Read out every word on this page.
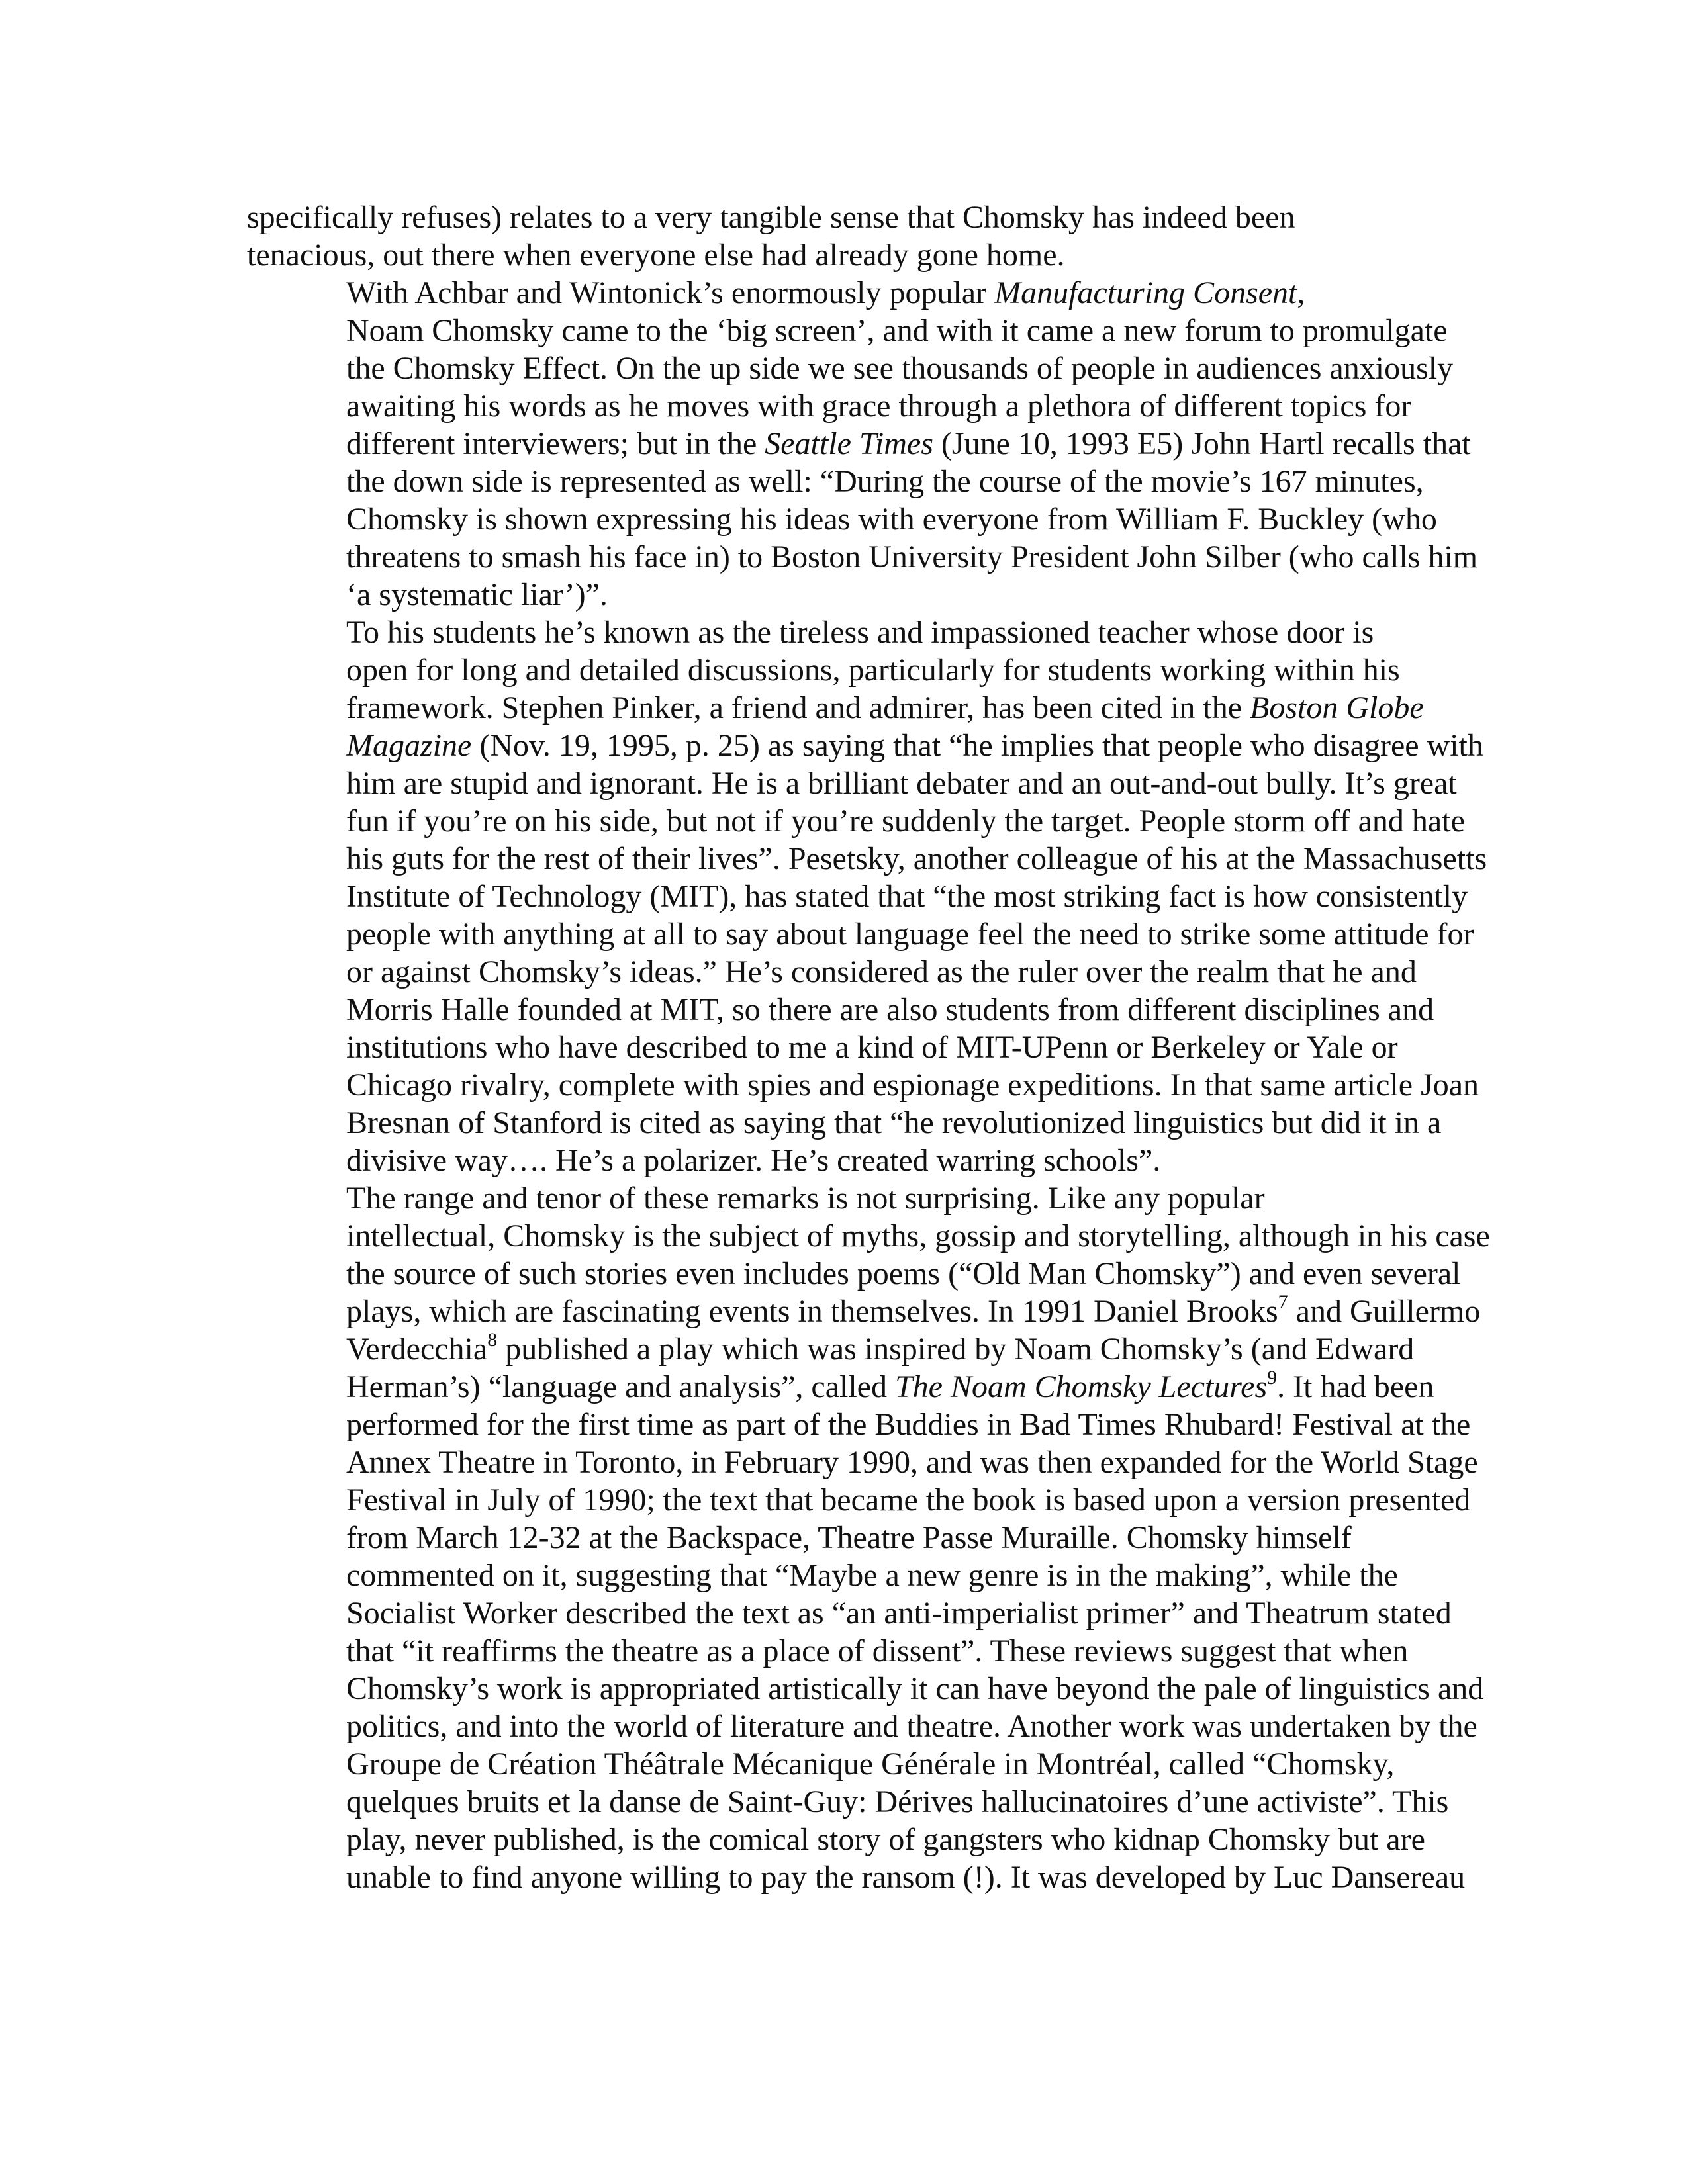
specifically refuses) relates to a very tangible sense that Chomsky has indeed been
tenacious, out there when everyone else had already gone home.

With Achbar and Wintonick’s enormously popular Manufacturing Consent,
Noam Chomsky came to the ‘big screen’, and with it came a new forum to promulgate
the Chomsky Effect. On the up side we see thousands of people in audiences anxiously
awaiting his words as he moves with grace through a plethora of different topics for
different interviewers; but in the Seattle Times (June 10, 1993 E5) John Hartl recalls that
the down side is represented as well: “During the course of the movie’s 167 minutes,
Chomsky is shown expressing his ideas with everyone from William F. Buckley (who
threatens to smash his face in) to Boston University President John Silber (who calls him
‘a systematic liar’)”.

To his students he’s known as the tireless and impassioned teacher whose door is
open for long and detailed discussions, particularly for students working within his
framework. Stephen Pinker, a friend and admirer, has been cited in the Boston Globe
Magazine (Nov. 19, 1995, p. 25) as saying that “he implies that people who disagree with
him are stupid and ignorant. He is a brilliant debater and an out-and-out bully. It’s great
fun if you’re on his side, but not if you’re suddenly the target. People storm off and hate
his guts for the rest of their lives”. Pesetsky, another colleague of his at the Massachusetts
Institute of Technology (MIT), has stated that “the most striking fact is how consistently
people with anything at all to say about language feel the need to strike some attitude for
or against Chomsky’s ideas.” He’s considered as the ruler over the realm that he and
Morris Halle founded at MIT, so there are also students from different disciplines and
institutions who have described to me a kind of MIT-UPenn or Berkeley or Yale or
Chicago rivalry, complete with spies and espionage expeditions. In that same article Joan
Bresnan of Stanford is cited as saying that “he revolutionized linguistics but did it in a
divisive way…. He’s a polarizer. He’s created warring schools”.

The range and tenor of these remarks is not surprising. Like any popular
intellectual, Chomsky is the subject of myths, gossip and storytelling, although in his case
the source of such stories even includes poems (“Old Man Chomsky”) and even several
plays, which are fascinating events in themselves. In 1991 Daniel Brooks$^7$ and Guillermo
Verdecchia$^8$ published a play which was inspired by Noam Chomsky’s (and Edward
Herman’s) “language and analysis”, called The Noam Chomsky Lectures$^9$. It had been
performed for the first time as part of the Buddies in Bad Times Rhubard! Festival at the
Annex Theatre in Toronto, in February 1990, and was then expanded for the World Stage
Festival in July of 1990; the text that became the book is based upon a version presented
from March 12-32 at the Backspace, Theatre Passe Muraille. Chomsky himself
commented on it, suggesting that “Maybe a new genre is in the making”, while the
Socialist Worker described the text as “an anti-imperialist primer” and Theatrum stated
that “it reaffirms the theatre as a place of dissent”. These reviews suggest that when
Chomsky’s work is appropriated artistically it can have beyond the pale of linguistics and
politics, and into the world of literature and theatre. Another work was undertaken by the
Groupe de Création Théâtrale Mécanique Générale in Montréal, called “Chomsky,
quelques bruits et la danse de Saint-Guy: Dérives hallucinatoires d’une activiste”. This
play, never published, is the comical story of gangsters who kidnap Chomsky but are
unable to find anyone willing to pay the ransom (!). It was developed by Luc Dansereau
